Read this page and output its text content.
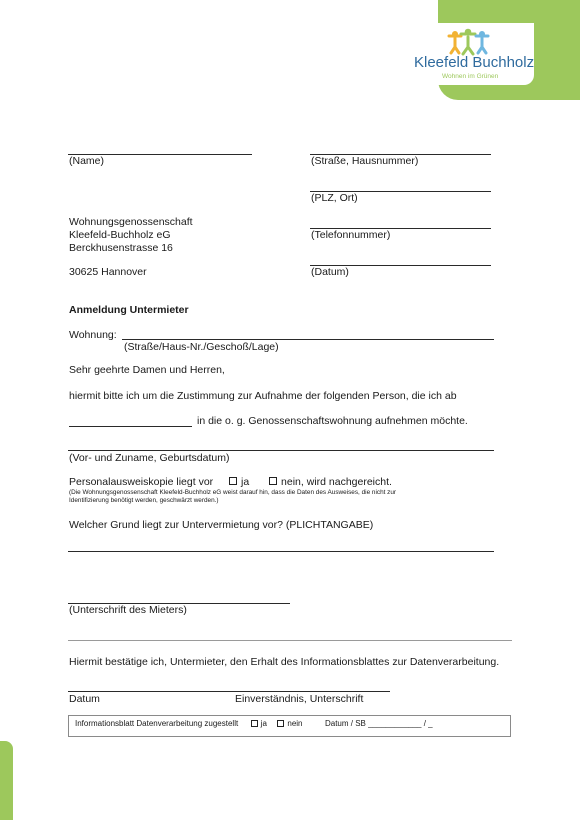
Kleefeld Buchholz
Wohnen im Grünen
(Name)	(Straße, Hausnummer)
(PLZ, Ort)
(Telefonnummer)
(Datum)
Wohnungsgenossenschaft
Kleefeld-Buchholz eG
Berckhusenstrasse 16
30625 Hannover
Anmeldung Untermieter
Wohnung:
(Straße/Haus-Nr./Geschoß/Lage)
Sehr geehrte Damen und Herren,
hiermit bitte ich um die Zustimmung zur Aufnahme der folgenden Person, die ich ab
in die o. g. Genossenschaftswohnung aufnehmen möchte.
(Vor- und Zuname, Geburtsdatum)
Personalausweiskopie liegt vor	ja	nein, wird nachgereicht.
(Die Wohnungsgenossenschaft Kleefeld-Buchholz eG weist darauf hin, dass die Daten des Ausweises, die nicht zur
Identifizierung benötigt werden, geschwärzt werden.)
Welcher Grund liegt zur Untervermietung vor? (PLICHTANGABE)
(Unterschrift des Mieters)
Hiermit bestätige ich, Untermieter, den Erhalt des Informationsblattes zur Datenverarbeitung.
Datum	Einverständnis, Unterschrift
Informationsblatt Datenverarbeitung zugestellt	ja	nein	Datum / SB ____________ / _
